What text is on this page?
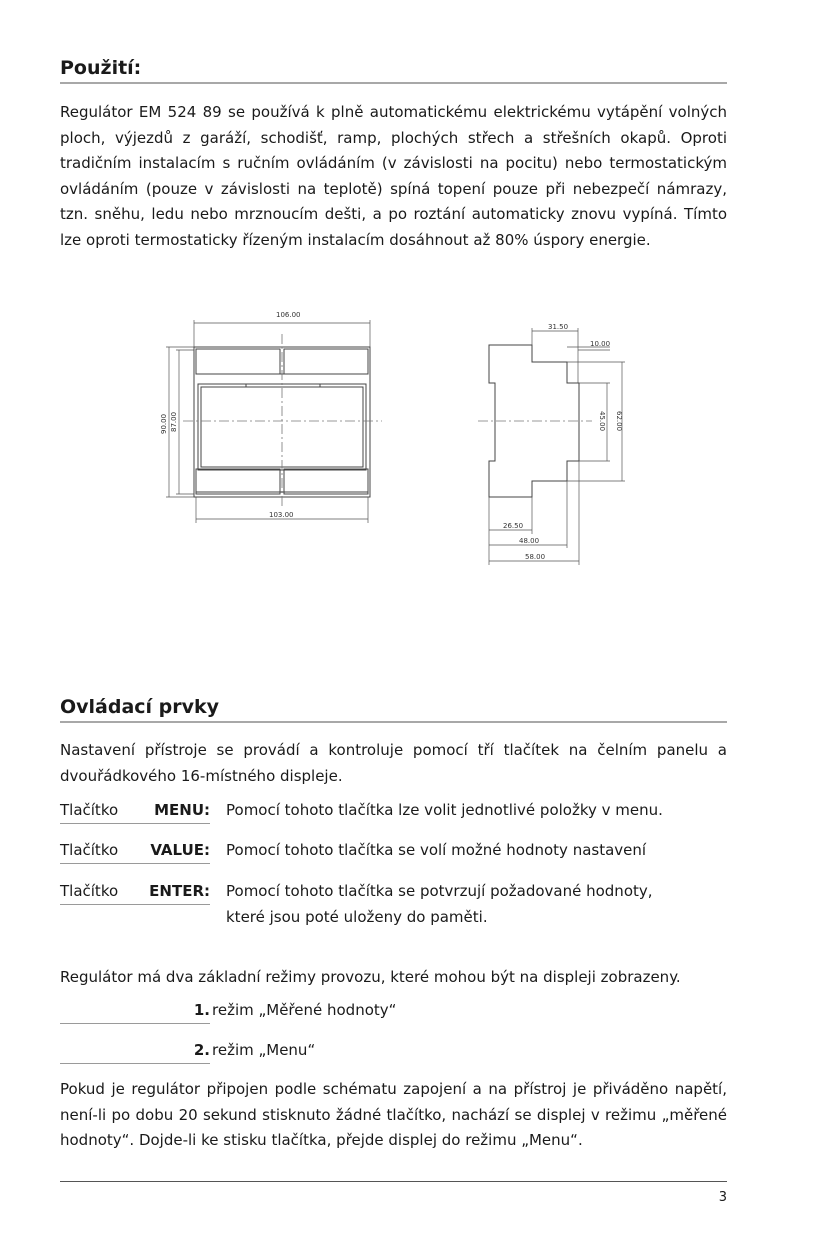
Použití:

Regulátor EM 524 89 se používá k plně automatickému elektrickému vytápění volných ploch, výjezdů z garáží, schodišť, ramp, plochých střech a střešních okapů. Oproti tradičním instalacím s ručním ovládáním (v závislosti na pocitu) nebo termostatickým ovládáním (pouze v závislosti na teplotě) spíná topení pouze při nebezpečí námrazy, tzn. sněhu, ledu nebo mrznoucím dešti, a po roztání automaticky znovu vypíná. Tímto lze oproti termostaticky řízeným instalacím dosáhnout až 80% úspory energie.

106.00
103.00
90.00 87.00
31.50
10.00
45.00 62.00
26.50
48.00
58.00
Ovládací prvky

Nastavení přístroje se provádí a kontroluje pomocí tří tlačítek na čelním panelu a dvouřádkového 16-místného displeje.

Tlačítko MENU: Pomocí tohoto tlačítka lze volit jednotlivé položky v menu.
Tlačítko VALUE: Pomocí tohoto tlačítka se volí možné hodnoty nastavení
Tlačítko ENTER: Pomocí tohoto tlačítka se potvrzují požadované hodnoty, které jsou poté uloženy do paměti.

Regulátor má dva základní režimy provozu, které mohou být na displeji zobrazeny.

1. režim „Měřené hodnoty“
2. režim „Menu“

Pokud je regulátor připojen podle schématu zapojení a na přístroj je přiváděno napětí, není-li po dobu 20 sekund stisknuto žádné tlačítko, nachází se displej v režimu „měřené hodnoty“. Dojde-li ke stisku tlačítka, přejde displej do režimu „Menu“.

3
